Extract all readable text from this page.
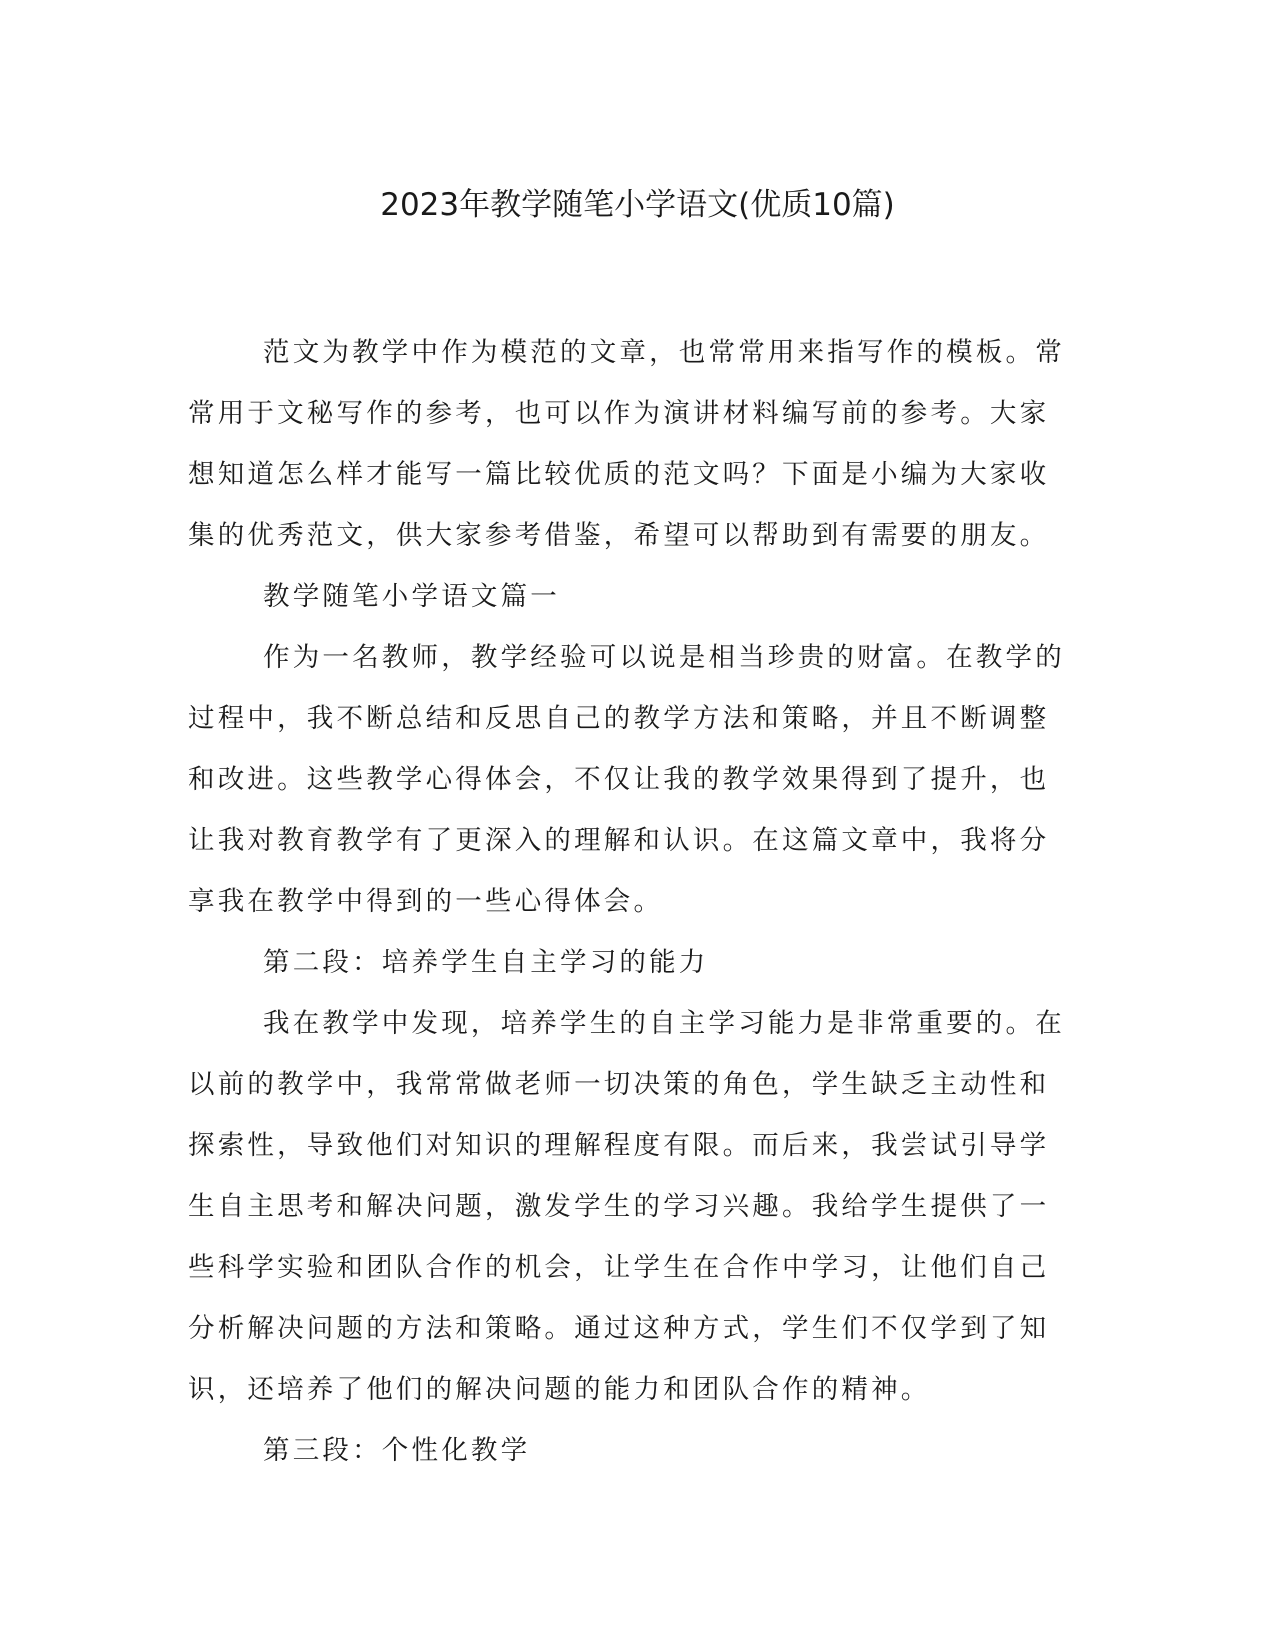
2023年教学随笔小学语文(优质10篇)

范文为教学中作为模范的文章，也常常用来指写作的模板。常常用于文秘写作的参考，也可以作为演讲材料编写前的参考。大家想知道怎么样才能写一篇比较优质的范文吗？下面是小编为大家收集的优秀范文，供大家参考借鉴，希望可以帮助到有需要的朋友。

教学随笔小学语文篇一

作为一名教师，教学经验可以说是相当珍贵的财富。在教学的过程中，我不断总结和反思自己的教学方法和策略，并且不断调整和改进。这些教学心得体会，不仅让我的教学效果得到了提升，也让我对教育教学有了更深入的理解和认识。在这篇文章中，我将分享我在教学中得到的一些心得体会。

第二段：培养学生自主学习的能力

我在教学中发现，培养学生的自主学习能力是非常重要的。在以前的教学中，我常常做老师一切决策的角色，学生缺乏主动性和探索性，导致他们对知识的理解程度有限。而后来，我尝试引导学生自主思考和解决问题，激发学生的学习兴趣。我给学生提供了一些科学实验和团队合作的机会，让学生在合作中学习，让他们自己分析解决问题的方法和策略。通过这种方式，学生们不仅学到了知识，还培养了他们的解决问题的能力和团队合作的精神。

第三段：个性化教学
